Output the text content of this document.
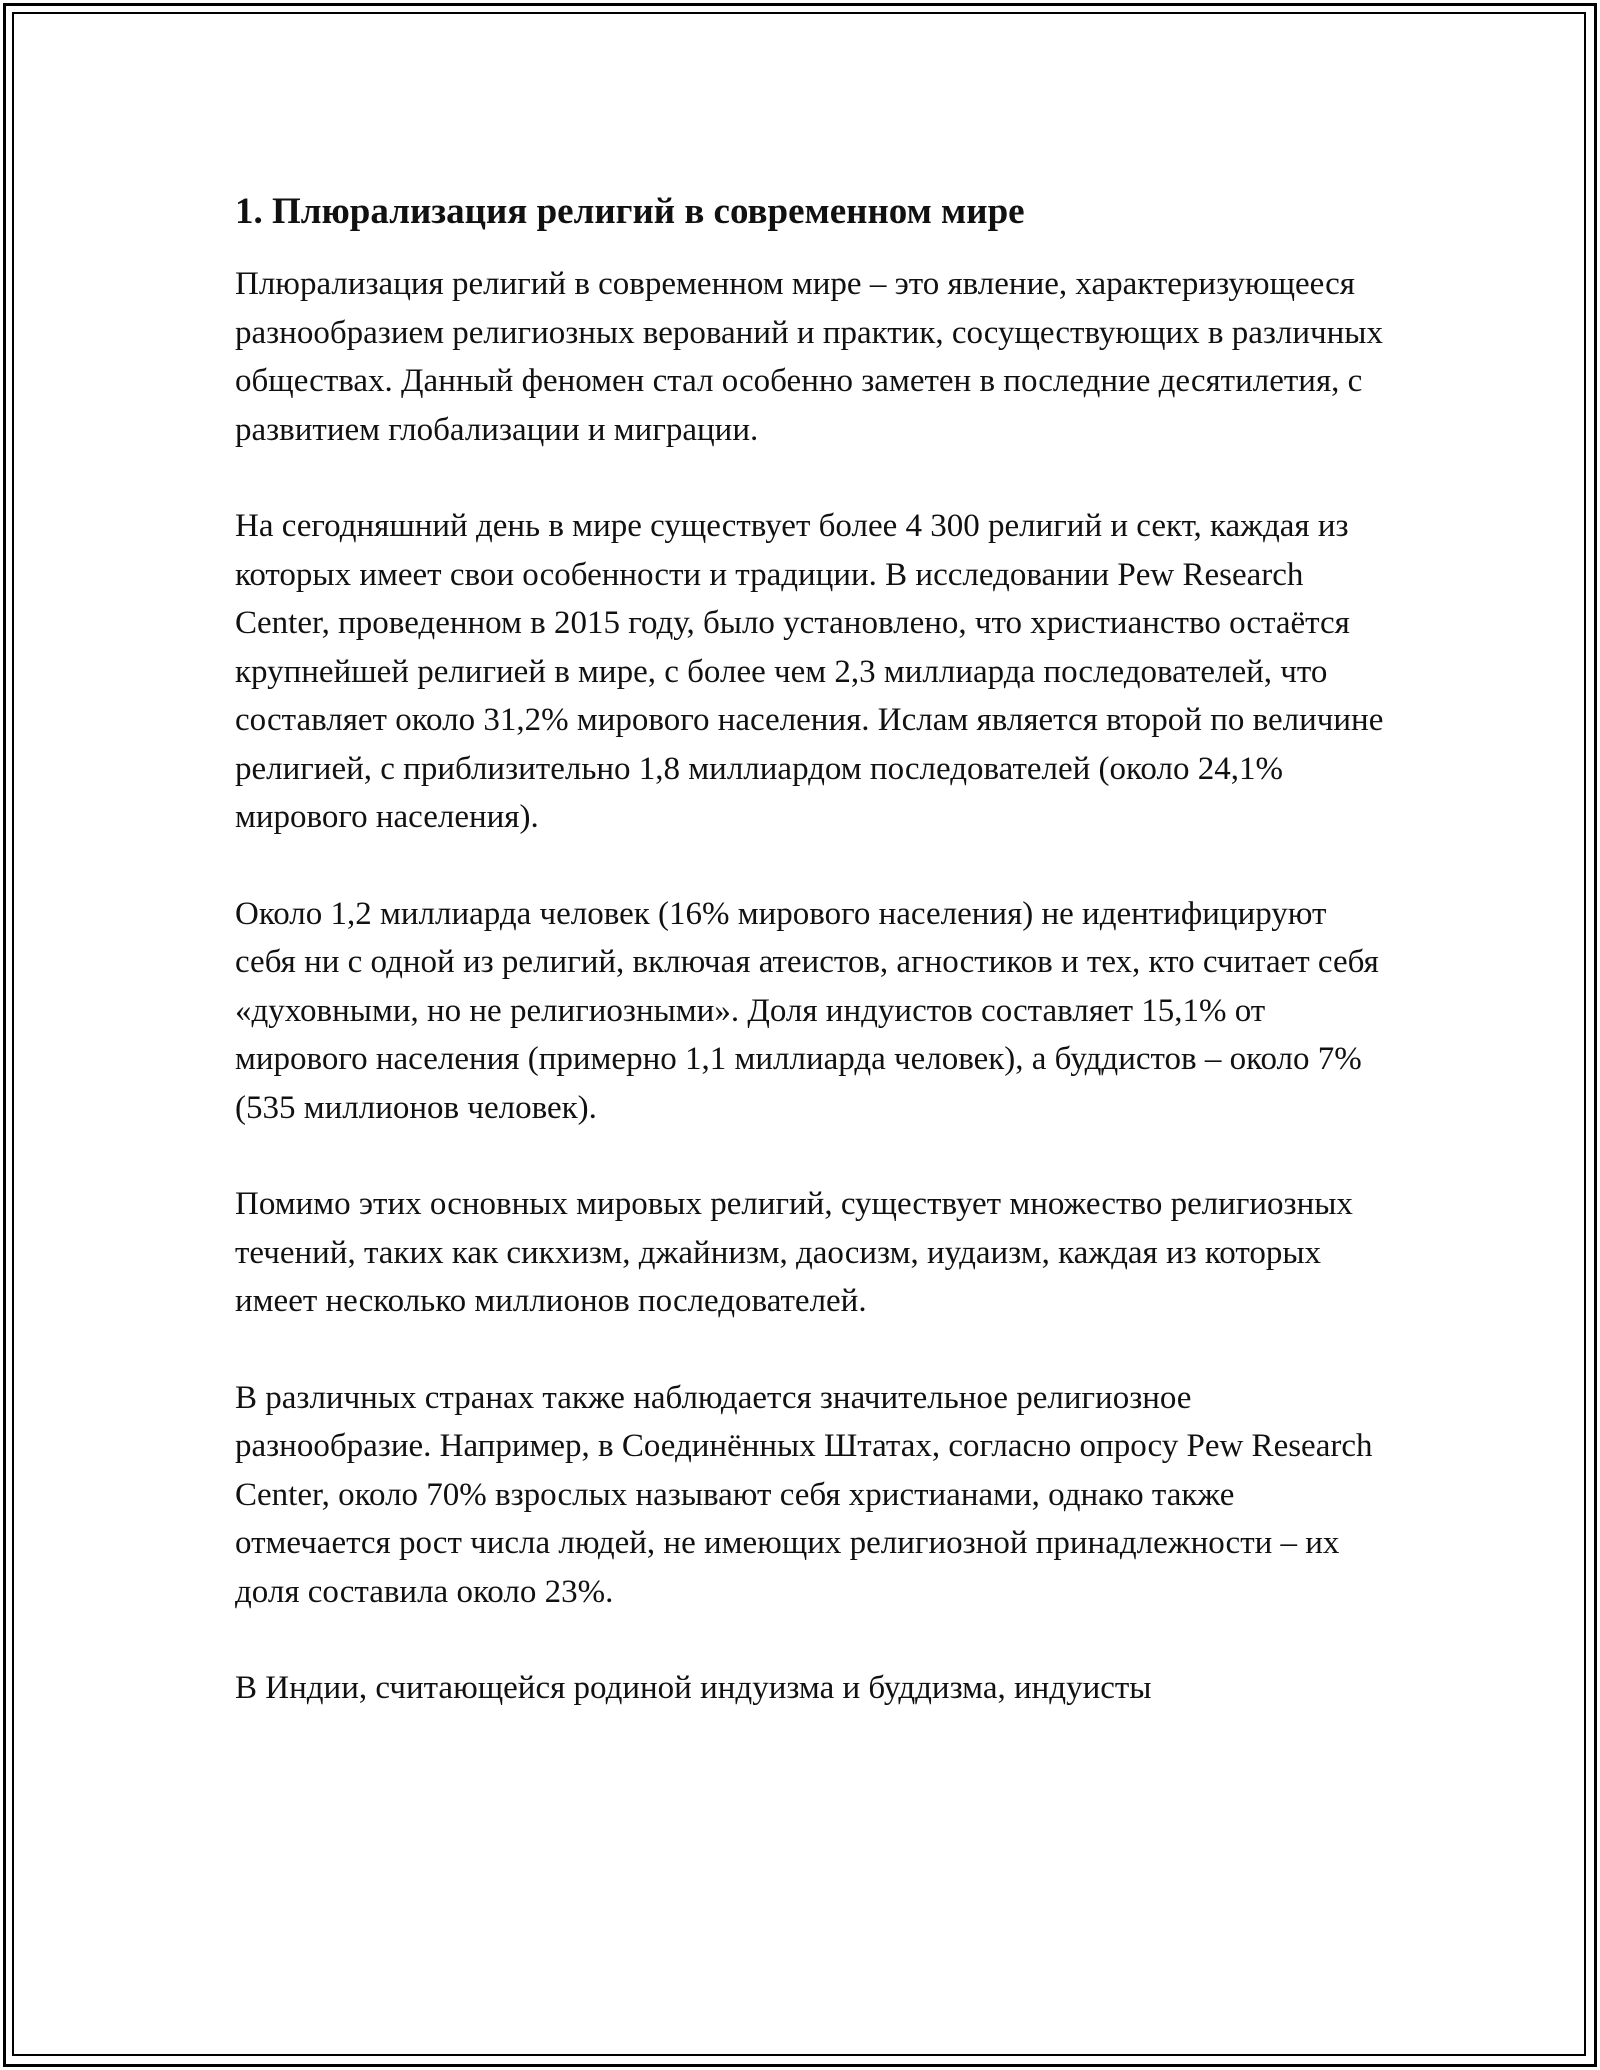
1. Плюрализация религий в современном мире

Плюрализация религий в современном мире – это явление, характеризующееся разнообразием религиозных верований и практик, сосуществующих в различных обществах. Данный феномен стал особенно заметен в последние десятилетия, с развитием глобализации и миграции.

На сегодняшний день в мире существует более 4 300 религий и сект, каждая из которых имеет свои особенности и традиции. В исследовании Pew Research Center, проведенном в 2015 году, было установлено, что христианство остаётся крупнейшей религией в мире, с более чем 2,3 миллиарда последователей, что составляет около 31,2% мирового населения. Ислам является второй по величине религией, с приблизительно 1,8 миллиардом последователей (около 24,1% мирового населения).

Около 1,2 миллиарда человек (16% мирового населения) не идентифицируют себя ни с одной из религий, включая атеистов, агностиков и тех, кто считает себя «духовными, но не религиозными». Доля индуистов составляет 15,1% от мирового населения (примерно 1,1 миллиарда человек), а буддистов – около 7% (535 миллионов человек).

Помимо этих основных мировых религий, существует множество религиозных течений, таких как сикхизм, джайнизм, даосизм, иудаизм, каждая из которых имеет несколько миллионов последователей.

В различных странах также наблюдается значительное религиозное разнообразие. Например, в Соединённых Штатах, согласно опросу Pew Research Center, около 70% взрослых называют себя христианами, однако также отмечается рост числа людей, не имеющих религиозной принадлежности – их доля составила около 23%.

В Индии, считающейся родиной индуизма и буддизма, индуисты
